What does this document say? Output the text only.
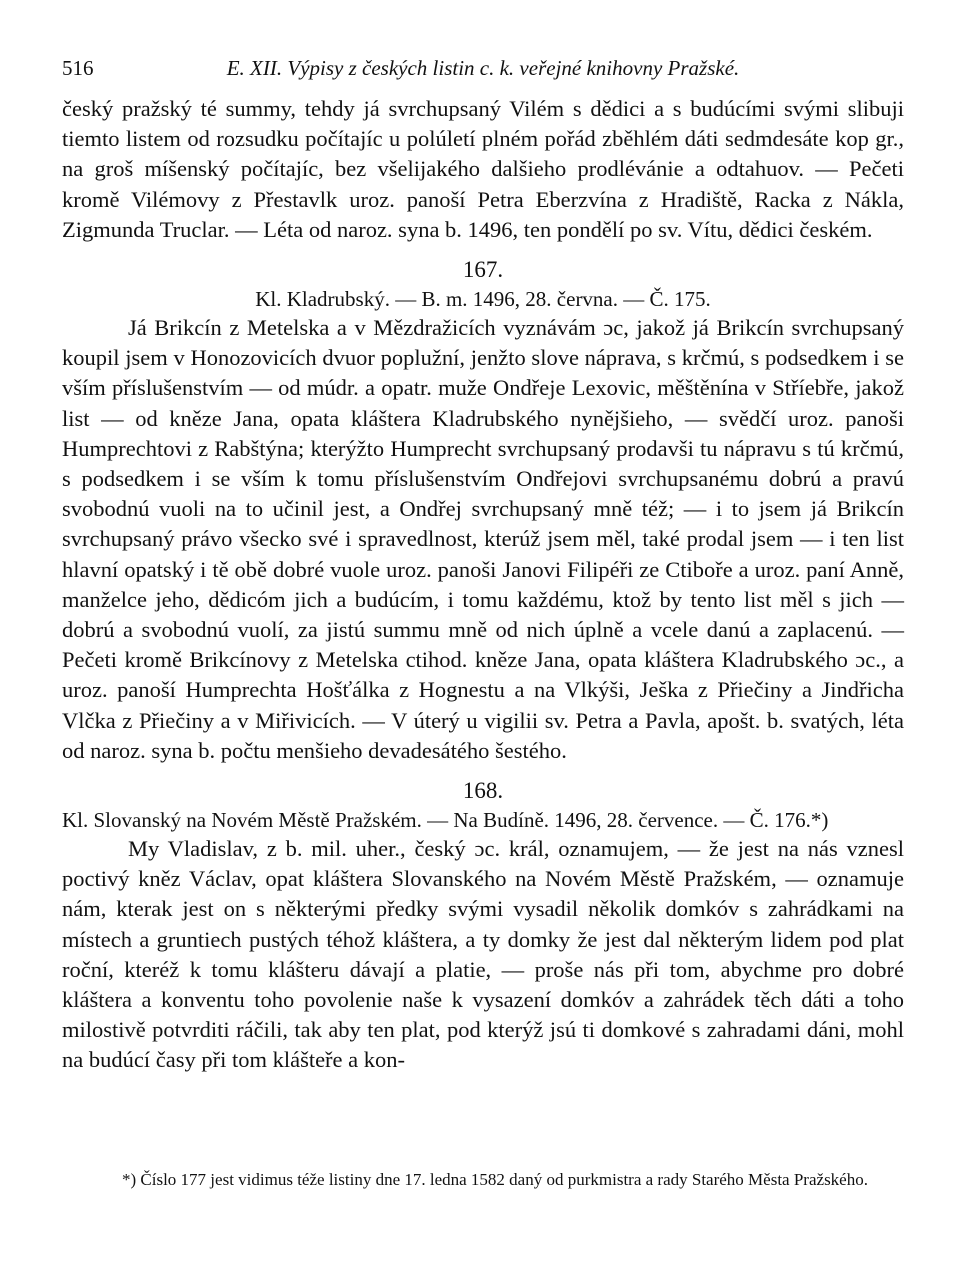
516	E. XII. Výpisy z českých listin c. k. veřejné knihovny Pražské.

český pražský té summy, tehdy já svrchupsaný Vilém s dědici a s budúcími svými slibuji tiemto listem od rozsudku počítajíc u polúletí plném pořád zběhlém dáti sedmdesáte kop gr., na groš míšenský počítajíc, bez všelijakého dalšieho prodlévánie a odtahuov. — Pečeti kromě Vilémovy z Přestavlk uroz. panoší Petra Eberzvína z Hradiště, Racka z Nákla, Zigmunda Truclar. — Léta od naroz. syna b. 1496, ten pondělí po sv. Vítu, dědici českém.

167.
Kl. Kladrubský. — B. m. 1496, 28. června. — Č. 175.

Já Brikcín z Metelska a v Mězdražicích vyznávám ɔc, jakož já Brikcín svrchupsaný koupil jsem v Honozovicích dvuor poplužní, jenžto slove náprava, s krčmú, s podsedkem i se vším příslušenstvím — od múdr. a opatr. muže Ondřeje Lexovic, měštěnína v Stříebře, jakož list — od kněze Jana, opata kláštera Kladrubského nynějšieho, — svědčí uroz. panoši Humprechtovi z Rabštýna; kterýžto Humprecht svrchupsaný prodavši tu nápravu s tú krčmú, s podsedkem i se vším k tomu příslušenstvím Ondřejovi svrchupsanému dobrú a pravú svobodnú vuoli na to učinil jest, a Ondřej svrchupsaný mně též; — i to jsem já Brikcín svrchupsaný právo všecko své i spravedlnost, kterúž jsem měl, také prodal jsem — i ten list hlavní opatský i tě obě dobré vuole uroz. panoši Janovi Filipéři ze Ctiboře a uroz. paní Anně, manželce jeho, dědicóm jich a budúcím, i tomu každému, ktož by tento list měl s jich — dobrú a svobodnú vuolí, za jistú summu mně od nich úplně a vcele danú a zaplacenú. — Pečeti kromě Brikcínovy z Metelska ctihod. kněze Jana, opata kláštera Kladrubského ɔc., a uroz. panoší Humprechta Hošťálka z Hognestu a na Vlkýši, Ješka z Přiečiny a Jindřicha Vlčka z Přiečiny a v Miřivicích. — V úterý u vigilii sv. Petra a Pavla, apošt. b. svatých, léta od naroz. syna b. počtu menšieho devadesátého šestého.

168.
Kl. Slovanský na Novém Městě Pražském. — Na Budíně. 1496, 28. července. — Č. 176.*)

My Vladislav, z b. mil. uher., český ɔc. král, oznamujem, — že jest na nás vznesl poctivý kněz Václav, opat kláštera Slovanského na Novém Městě Pražském, — oznamuje nám, kterak jest on s některými předky svými vysadil několik domkóv s zahrádkami na místech a gruntiech pustých téhož kláštera, a ty domky že jest dal některým lidem pod plat roční, kteréž k tomu klášteru dávají a platie, — proše nás při tom, abychme pro dobré kláštera a konventu toho povolenie naše k vysazení domkóv a zahrádek těch dáti a toho milostivě potvrditi ráčili, tak aby ten plat, pod kterýž jsú ti domkové s zahradami dáni, mohl na budúcí časy při tom klášteře a kon-

*) Číslo 177 jest vidimus téže listiny dne 17. ledna 1582 daný od purkmistra a rady Starého Města Pražského.
